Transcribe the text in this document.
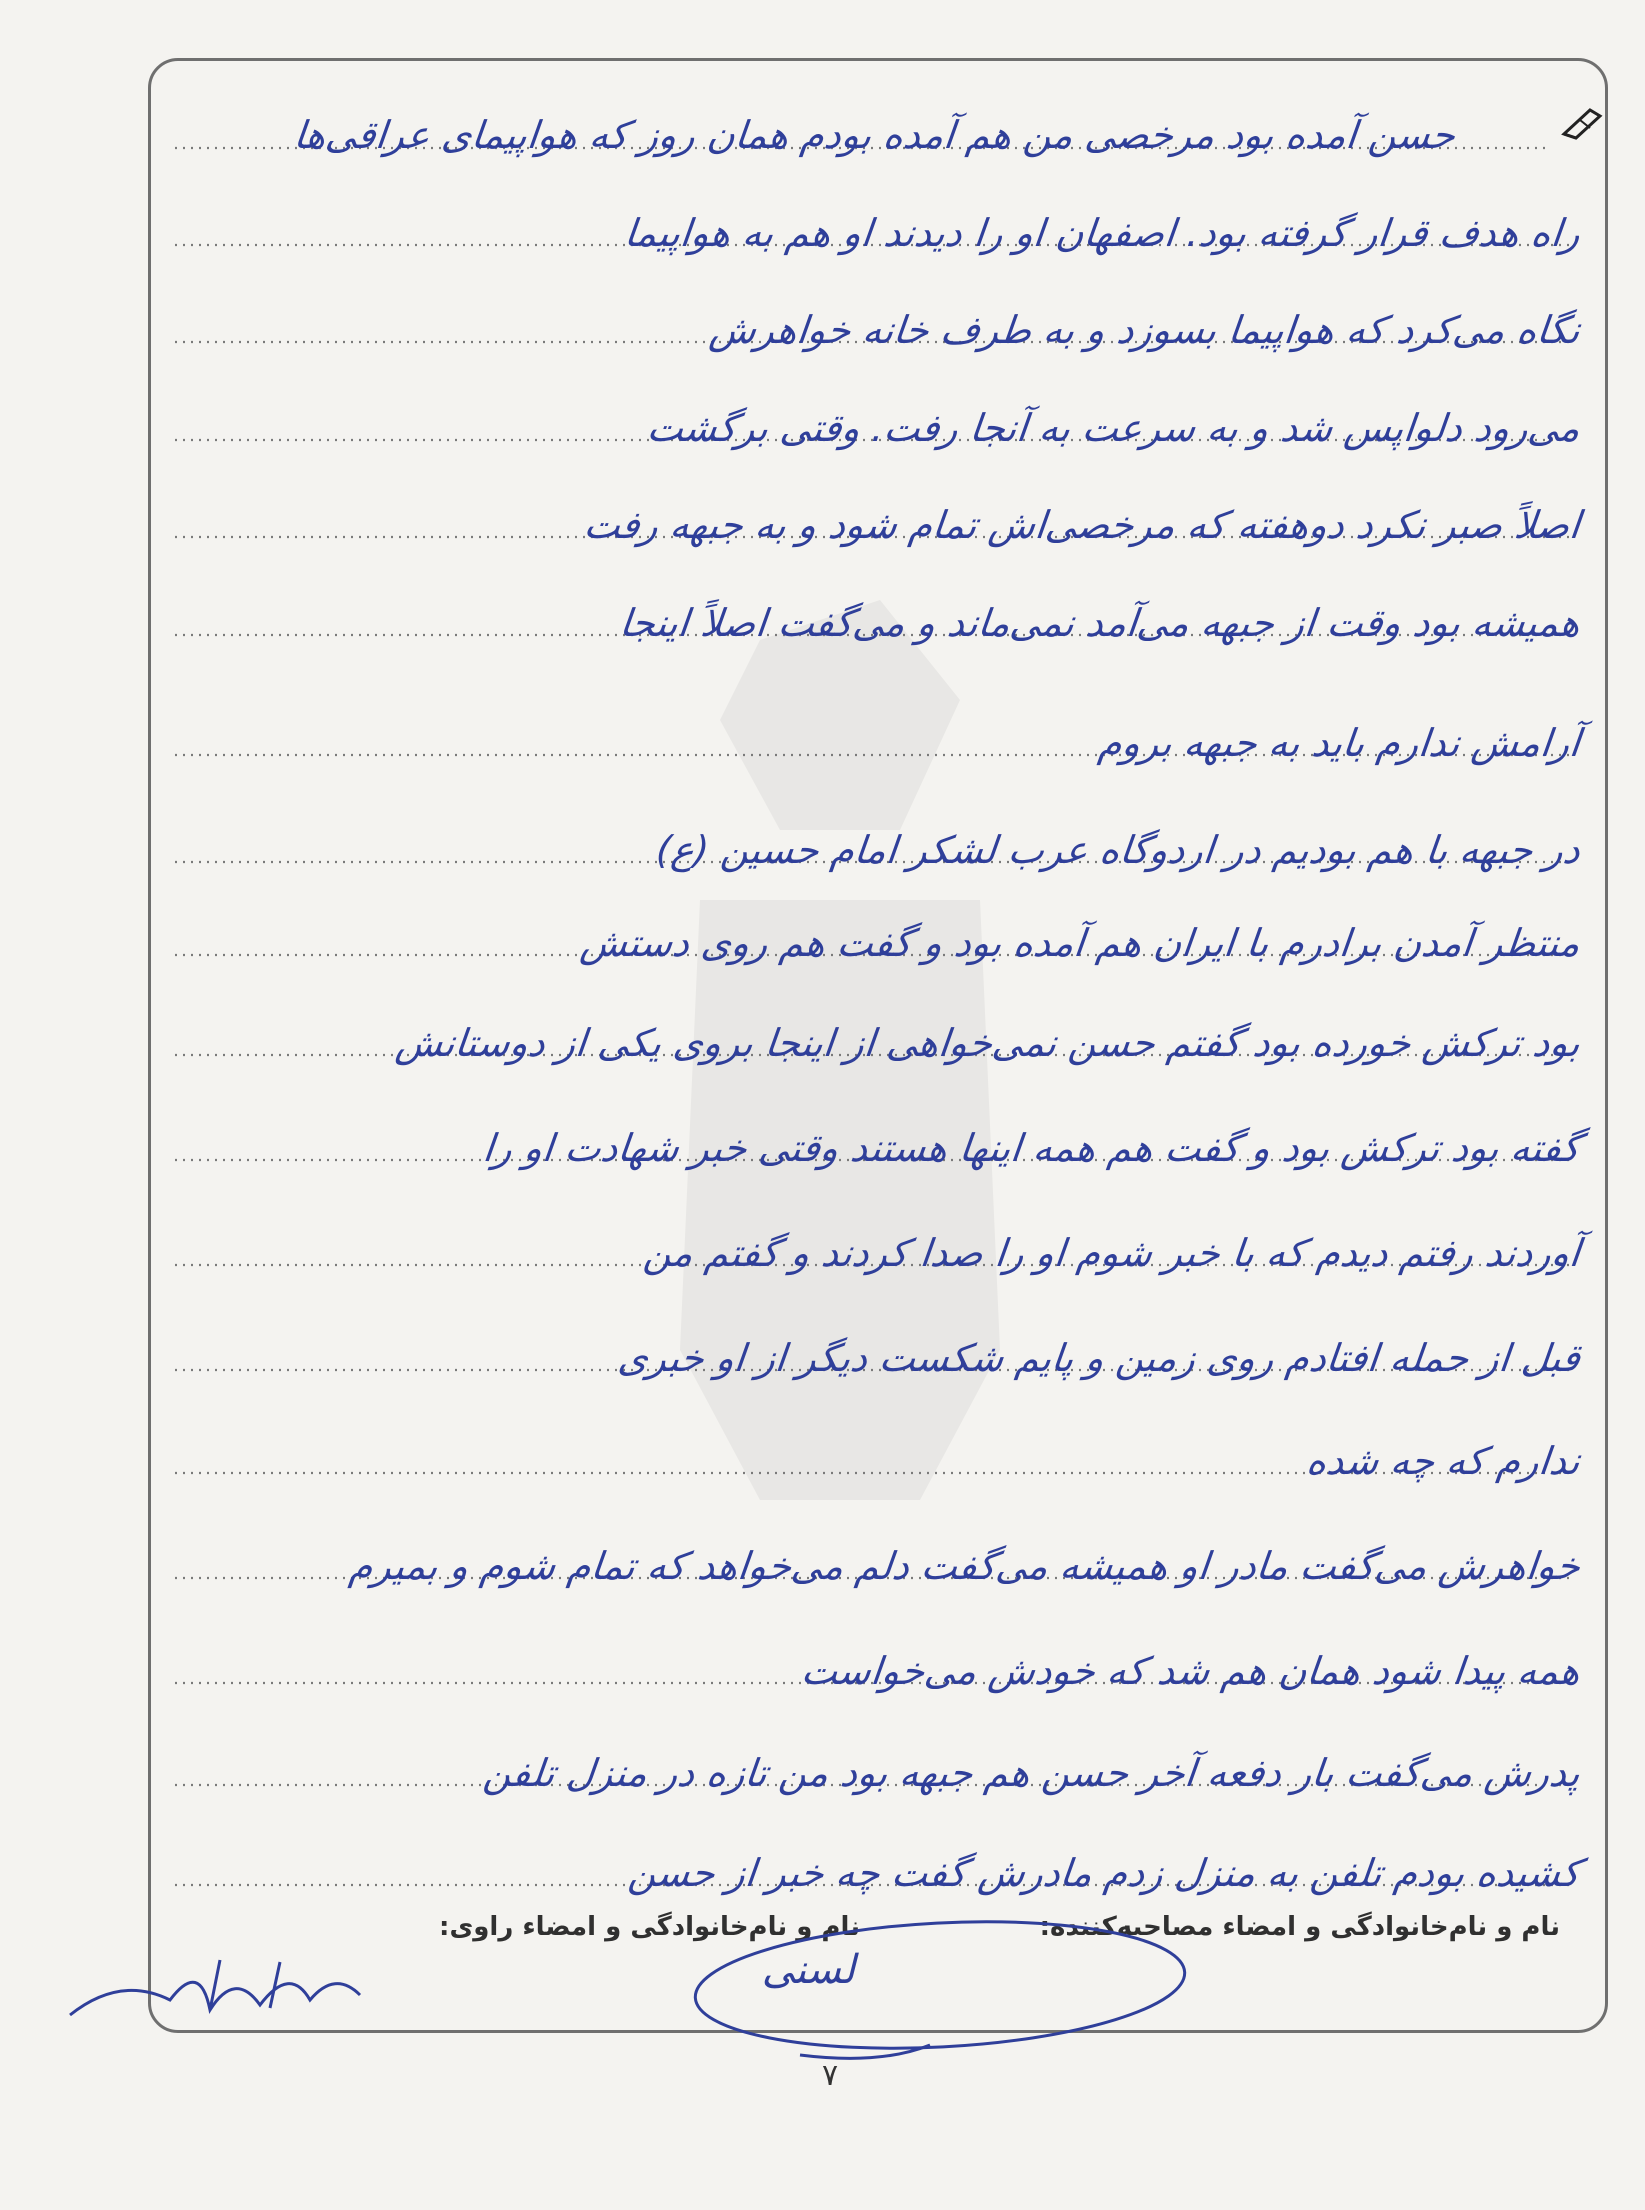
حسن آمده بود مرخصی من هم آمده بودم همان روز که هواپیمای عراقی‌ها
راه هدف قرار گرفته بود. اصفهان او را دیدند او هم به هواپیما
نگاه می‌کرد که هواپیما بسوزد و به طرف خانه خواهرش
می‌رود دلواپس شد و به سرعت به آنجا رفت. وقتی برگشت
اصلاً صبر نکرد دوهفته که مرخصی‌اش تمام شود و به جبهه رفت
همیشه بود وقت از جبهه می‌آمد نمی‌ماند و می‌گفت اصلاً اینجا
آرامش ندارم باید به جبهه بروم
در جبهه با هم بودیم در اردوگاه عرب لشکر امام حسین (ع)
منتظر آمدن برادرم با ایران هم آمده بود و گفت هم روی دستش
بود ترکش خورده بود گفتم حسن نمی‌خواهی از اینجا بروی یکی از دوستانش
گفته بود ترکش بود و گفت هم همه اینها هستند وقتی خبر شهادت او را
آوردند رفتم دیدم که با خبر شوم او را صدا کردند و گفتم من
قبل از حمله افتادم روی زمین و پایم شکست دیگر از او خبری
ندارم که چه شده
خواهرش می‌گفت مادر او همیشه می‌گفت دلم می‌خواهد که تمام شوم و بمیرم
همه پیدا شود همان هم شد که خودش می‌خواست
پدرش می‌گفت بار دفعه آخر حسن هم جبهه بود من تازه در منزل تلفن
کشیده بودم تلفن به منزل زدم مادرش گفت چه خبر از حسن
نام و نام‌خانوادگی و امضاء مصاحبه‌کننده:
نام و نام‌خانوادگی و امضاء راوی:
لسنی
۷
